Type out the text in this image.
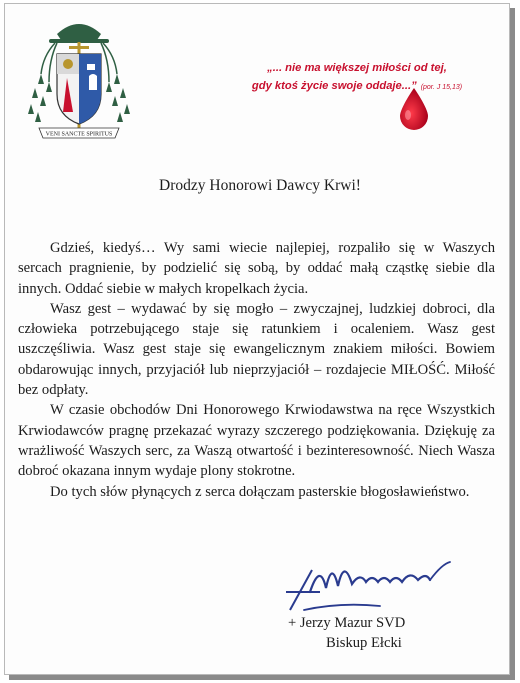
VENI SANCTE SPIRITUS
„... nie ma większej miłości od tej,
gdy ktoś życie swoje oddaje...” (por. J 15,13)
Drodzy Honorowi Dawcy Krwi!

Gdzieś, kiedyś… Wy sami wiecie najlepiej, rozpaliło się w Waszych sercach pragnienie, by podzielić się sobą, by oddać małą cząstkę siebie dla innych. Oddać siebie w małych kropelkach życia.

Wasz gest – wydawać by się mogło – zwyczajnej, ludzkiej dobroci, dla człowieka potrzebującego staje się ratunkiem i ocaleniem. Wasz gest uszczęśliwia. Wasz gest staje się ewangelicznym znakiem miłości. Bowiem obdarowując innych, przyjaciół lub nieprzyjaciół – rozdajecie MIŁOŚĆ. Miłość bez odpłaty.

W czasie obchodów Dni Honorowego Krwiodawstwa na ręce Wszystkich Krwiodawców pragnę przekazać wyrazy szczerego podziękowania. Dziękuję za wrażliwość Waszych serc, za Waszą otwartość i bezinteresowność. Niech Wasza dobroć okazana innym wydaje plony stokrotne.

Do tych słów płynących z serca dołączam pasterskie błogosławieństwo.

+ Jerzy Mazur SVD
Biskup Ełcki
